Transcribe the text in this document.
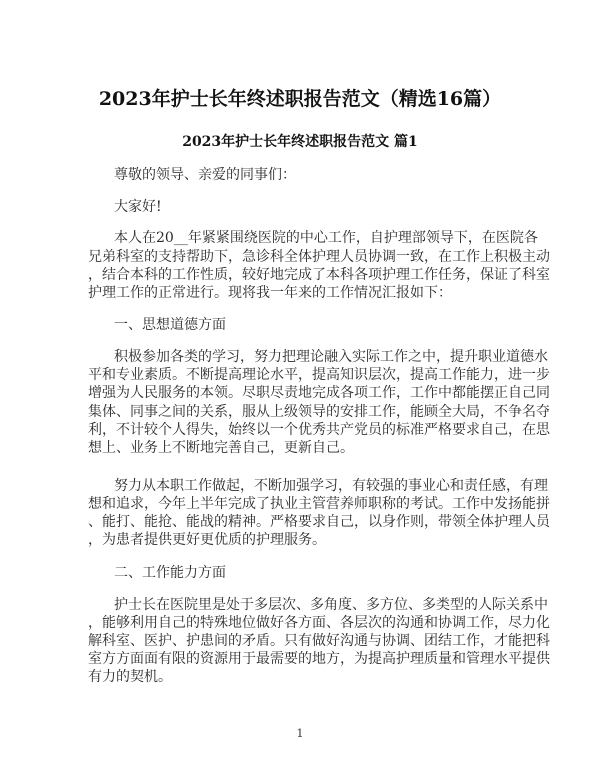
2023年护士长年终述职报告范文（精选16篇）
2023年护士长年终述职报告范文 篇1
尊敬的领导、亲爱的同事们：
大家好!
本人在20__年紧紧围绕医院的中心工作，自护理部领导下，在医院各
兄弟科室的支持帮助下，急诊科全体护理人员协调一致，在工作上积极主动
，结合本科的工作性质，较好地完成了本科各项护理工作任务，保证了科室
护理工作的正常进行。现将我一年来的工作情况汇报如下：
一、思想道德方面
积极参加各类的学习，努力把理论融入实际工作之中，提升职业道德水
平和专业素质。不断提高理论水平，提高知识层次，提高工作能力，进一步
增强为人民服务的本领。尽职尽责地完成各项工作，工作中都能摆正自己同
集体、同事之间的关系，服从上级领导的安排工作，能顾全大局，不争名夺
利，不计较个人得失，始终以一个优秀共产党员的标准严格要求自己，在思
想上、业务上不断地完善自己，更新自己。
努力从本职工作做起，不断加强学习，有较强的事业心和责任感，有理
想和追求，今年上半年完成了执业主管营养师职称的考试。工作中发扬能拼
、能打、能抢、能战的精神。严格要求自己，以身作则，带领全体护理人员
，为患者提供更好更优质的护理服务。
二、工作能力方面
护士长在医院里是处于多层次、多角度、多方位、多类型的人际关系中
，能够利用自己的特殊地位做好各方面、各层次的沟通和协调工作，尽力化
解科室、医护、护患间的矛盾。只有做好沟通与协调、团结工作，才能把科
室方方面面有限的资源用于最需要的地方，为提高护理质量和管理水平提供
有力的契机。
1
